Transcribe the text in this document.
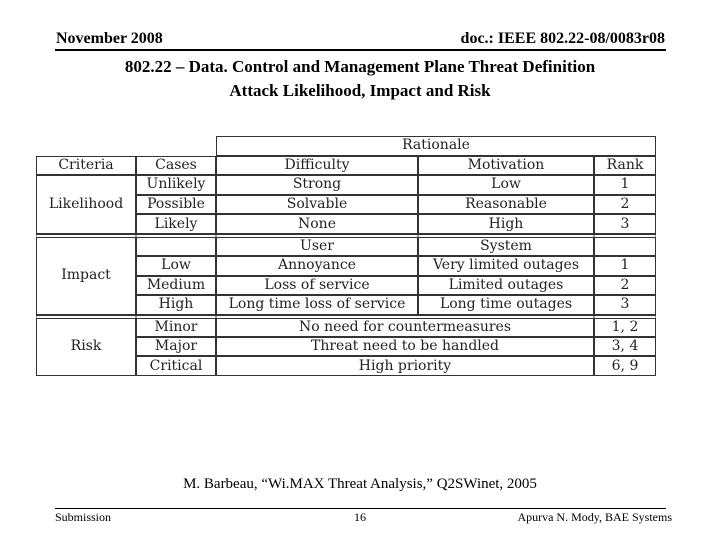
November 2008	doc.: IEEE 802.22-08/0083r08
802.22 – Data. Control and Management Plane Threat Definition
Attack Likelihood, Impact and Risk
		Rationale		
Criteria	Cases	Difficulty	Motivation	Rank
Likelihood	Unlikely	Strong	Low	1
	Possible	Solvable	Reasonable	2
	Likely	None	High	3
Impact		User	System	
	Low	Annoyance	Very limited outages	1
	Medium	Loss of service	Limited outages	2
	High	Long time loss of service	Long time outages	3
Risk	Minor	No need for countermeasures		1, 2
	Major	Threat need to be handled		3, 4
	Critical	High priority		6, 9
M. Barbeau, “Wi.MAX Threat Analysis,” Q2SWinet, 2005
Submission	16	Apurva N. Mody, BAE Systems
